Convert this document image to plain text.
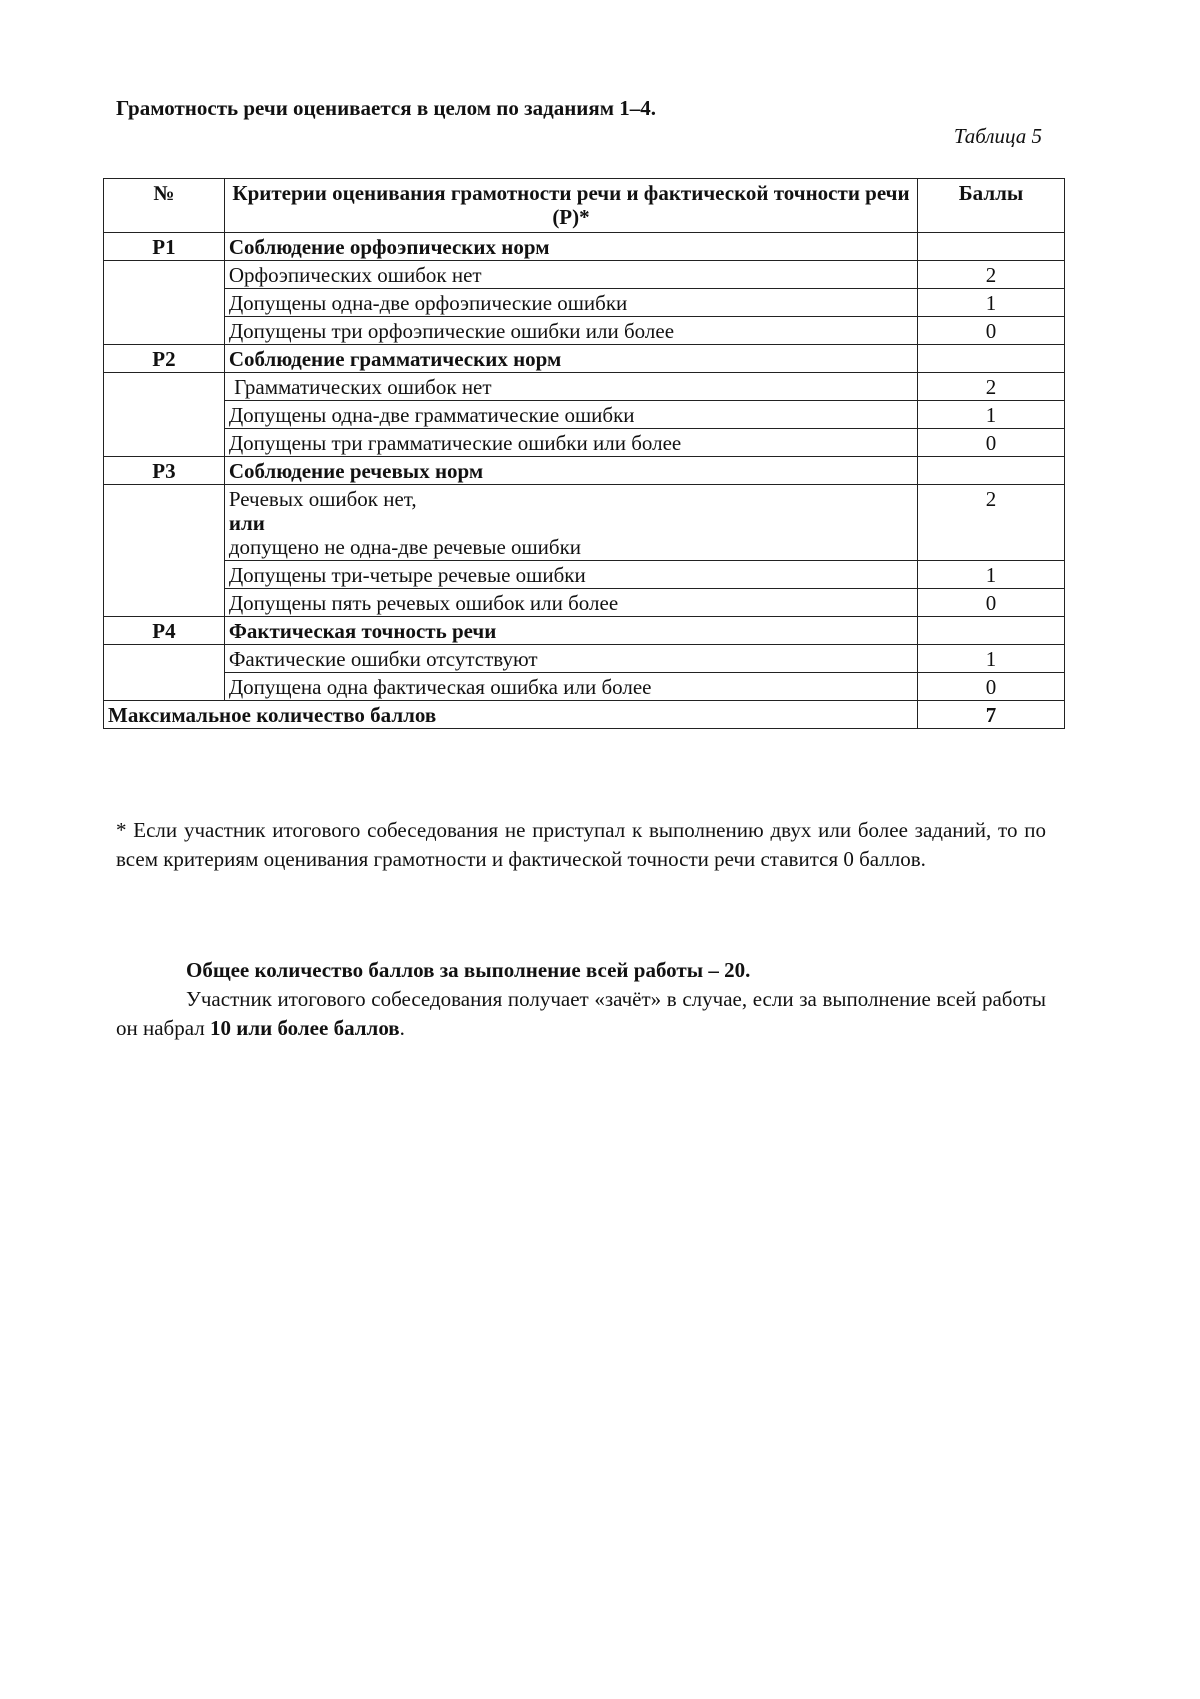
Грамотность речи оценивается в целом по заданиям 1–4.

Таблица 5

№	Критерии оценивания грамотности речи и фактической точности речи (Р)*	Баллы
Р1	Соблюдение орфоэпических норм	
	Орфоэпических ошибок нет	2
	Допущены одна-две орфоэпические ошибки	1
	Допущены три орфоэпические ошибки или более	0
Р2	Соблюдение грамматических норм	
	Грамматических ошибок нет	2
	Допущены одна-две грамматические ошибки	1
	Допущены три грамматические ошибки или более	0
Р3	Соблюдение речевых норм	

	Речевых ошибок нет,
или
допущено не одна-две речевые ошибки	2
	Допущены три-четыре речевые ошибки	1
	Допущены пять речевых ошибок или более	0
Р4	Фактическая точность речи	
	Фактические ошибки отсутствуют	1
	Допущена одна фактическая ошибка или более	0
Максимальное количество баллов		7

* Если участник итогового собеседования не приступал к выполнению двух или более заданий, то по всем критериям оценивания грамотности и фактической точности речи ставится 0 баллов.

Общее количество баллов за выполнение всей работы – 20.

Участник итогового собеседования получает «зачёт» в случае, если за выполнение всей работы он набрал 10 или более баллов.
